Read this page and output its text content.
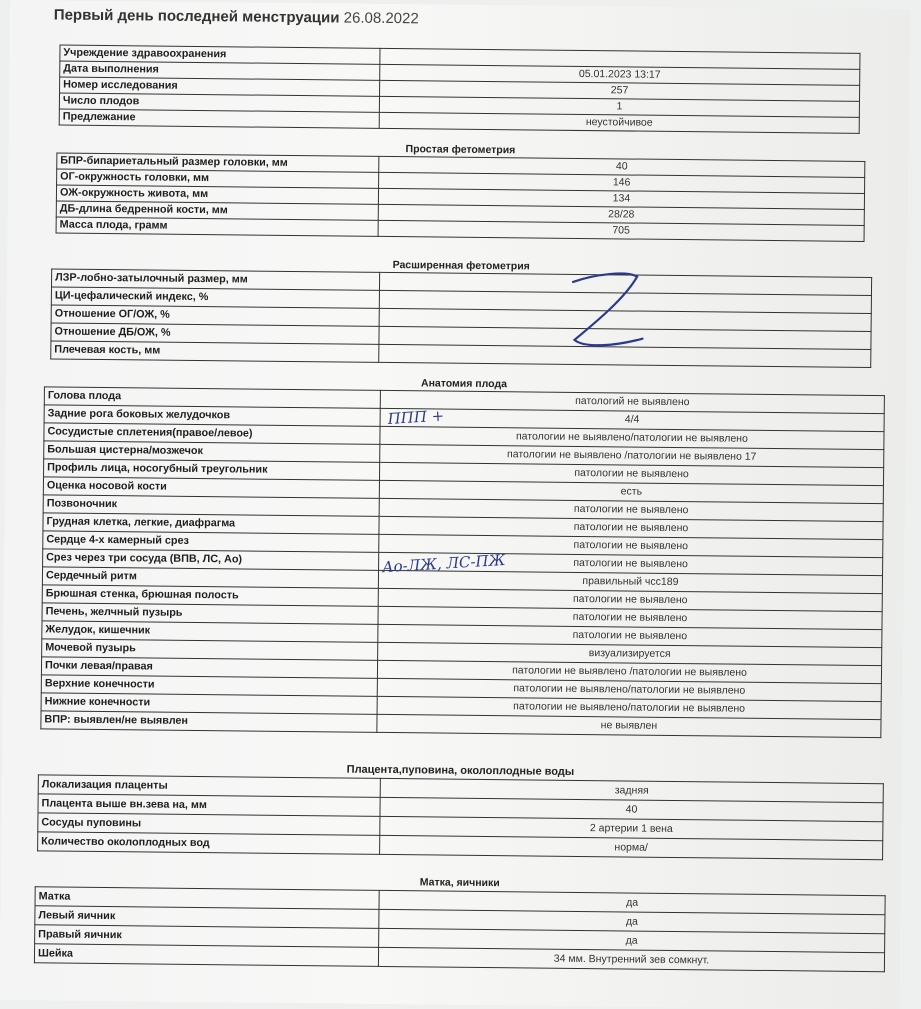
Первый день последней менструации 26.08.2022
Учреждение здравоохранения	
Дата выполнения	05.01.2023 13:17
Номер исследования	257
Число плодов	1
Предлежание	неустойчивое
Простая фетометрия
БПР-бипариетальный размер головки, мм	40
ОГ-окружность головки, мм	146
ОЖ-окружность живота, мм	134
ДБ-длина бедренной кости, мм	28/28
Масса плода, грамм	705
Расширенная фетометрия
ЛЗР-лобно-затылочный размер, мм	
ЦИ-цефалический индекс, %	
Отношение ОГ/ОЖ, %	
Отношение ДБ/ОЖ, %	
Плечевая кость, мм	
Анатомия плода
Голова плода	патологий не выявлено
Задние рога боковых желудочков	4/4
Сосудистые сплетения(правое/левое)	патологии не выявлено/патологии не выявлено
Большая цистерна/мозжечок	патологии не выявлено /патологии не выявлено 17
Профиль лица, носогубный треугольник	патологии не выявлено
Оценка носовой кости	есть
Позвоночник	патологии не выявлено
Грудная клетка, легкие, диафрагма	патологии не выявлено
Сердце 4-х камерный срез	патологии не выявлено
Срез через три сосуда (ВПВ, ЛС, Ао)	патологии не выявлено
Сердечный ритм	правильный чсс189
Брюшная стенка, брюшная полость	патологии не выявлено
Печень, желчный пузырь	патологии не выявлено
Желудок, кишечник	патологии не выявлено
Мочевой пузырь	визуализируется
Почки левая/правая	патологии не выявлено /патологии не выявлено
Верхние конечности	патологии не выявлено/патологии не выявлено
Нижние конечности	патологии не выявлено/патологии не выявлено
ВПР: выявлен/не выявлен	не выявлен
ППП +
Ао-ЛЖ, ЛС-ПЖ
Плацента,пуповина, околоплодные воды
Локализация плаценты	задняя
Плацента выше вн.зева на, мм	40
Сосуды пуповины	2 артерии 1 вена
Количество околоплодных вод	норма/
Матка, яичники
Матка	да
Левый яичник	да
Правый яичник	да
Шейка	34 мм. Внутренний зев сомкнут.
